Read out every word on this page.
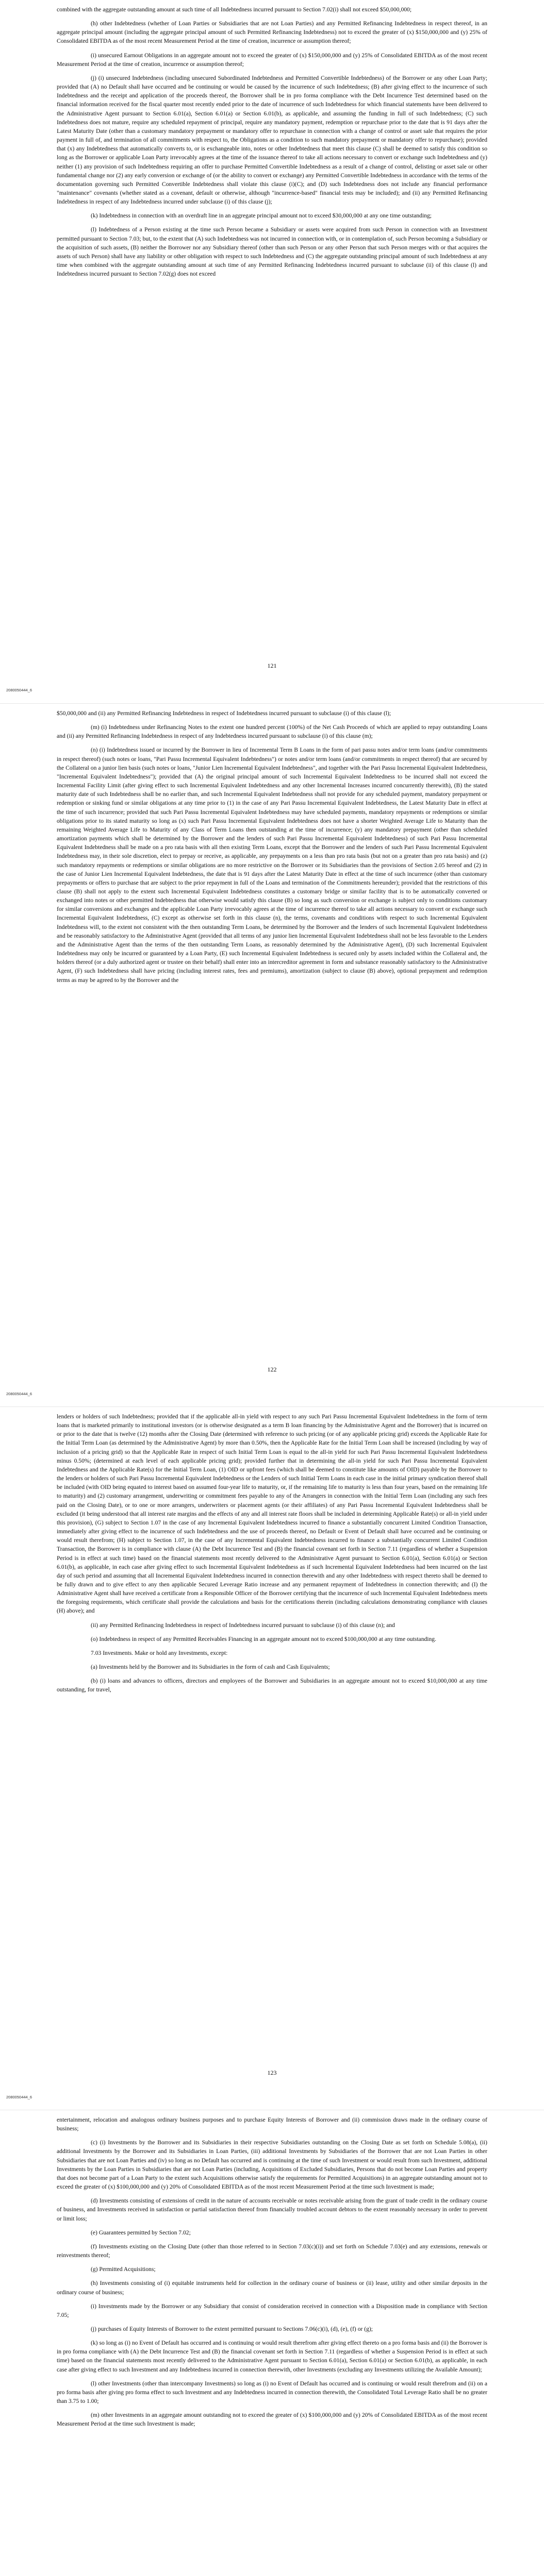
combined with the aggregate outstanding amount at such time of all Indebtedness incurred pursuant to Section 7.02(i) shall not exceed $50,000,000;

(h) other Indebtedness (whether of Loan Parties or Subsidiaries that are not Loan Parties) and any Permitted Refinancing Indebtedness in respect thereof, in an aggregate principal amount (including the aggregate principal amount of such Permitted Refinancing Indebtedness) not to exceed the greater of (x) $150,000,000 and (y) 25% of Consolidated EBITDA as of the most recent Measurement Period at the time of creation, incurrence or assumption thereof;

(i) unsecured Earnout Obligations in an aggregate amount not to exceed the greater of (x) $150,000,000 and (y) 25% of Consolidated EBITDA as of the most recent Measurement Period at the time of creation, incurrence or assumption thereof;

(j) (i) unsecured Indebtedness (including unsecured Subordinated Indebtedness and Permitted Convertible Indebtedness) of the Borrower or any other Loan Party; provided that (A) no Default shall have occurred and be continuing or would be caused by the incurrence of such Indebtedness; (B) after giving effect to the incurrence of such Indebtedness and the receipt and application of the proceeds thereof, the Borrower shall be in pro forma compliance with the Debt Incurrence Test determined based on the financial information received for the fiscal quarter most recently ended prior to the date of incurrence of such Indebtedness for which financial statements have been delivered to the Administrative Agent pursuant to Section 6.01(a), Section 6.01(a) or Section 6.01(b), as applicable, and assuming the funding in full of such Indebtedness; (C) such Indebtedness does not mature, require any scheduled repayment of principal, require any mandatory payment, redemption or repurchase prior to the date that is 91 days after the Latest Maturity Date (other than a customary mandatory prepayment or mandatory offer to repurchase in connection with a change of control or asset sale that requires the prior payment in full of, and termination of all commitments with respect to, the Obligations as a condition to such mandatory prepayment or mandatory offer to repurchase); provided that (x) any Indebtedness that automatically converts to, or is exchangeable into, notes or other Indebtedness that meet this clause (C) shall be deemed to satisfy this condition so long as the Borrower or applicable Loan Party irrevocably agrees at the time of the issuance thereof to take all actions necessary to convert or exchange such Indebtedness and (y) neither (1) any provision of such Indebtedness requiring an offer to purchase Permitted Convertible Indebtedness as a result of a change of control, delisting or asset sale or other fundamental change nor (2) any early conversion or exchange of (or the ability to convert or exchange) any Permitted Convertible Indebtedness in accordance with the terms of the documentation governing such Permitted Convertible Indebtedness shall violate this clause (i)(C); and (D) such Indebtedness does not include any financial performance "maintenance" covenants (whether stated as a covenant, default or otherwise, although "incurrence-based" financial tests may be included); and (ii) any Permitted Refinancing Indebtedness in respect of any Indebtedness incurred under subclause (i) of this clause (j);

(k) Indebtedness in connection with an overdraft line in an aggregate principal amount not to exceed $30,000,000 at any one time outstanding;

(l) Indebtedness of a Person existing at the time such Person became a Subsidiary or assets were acquired from such Person in connection with an Investment permitted pursuant to Section 7.03; but, to the extent that (A) such Indebtedness was not incurred in connection with, or in contemplation of, such Person becoming a Subsidiary or the acquisition of such assets, (B) neither the Borrower nor any Subsidiary thereof (other than such Person or any other Person that such Person merges with or that acquires the assets of such Person) shall have any liability or other obligation with respect to such Indebtedness and (C) the aggregate outstanding principal amount of such Indebtedness at any time when combined with the aggregate outstanding amount at such time of any Permitted Refinancing Indebtedness incurred pursuant to subclause (ii) of this clause (l) and Indebtedness incurred pursuant to Section 7.02(g) does not exceed

121
2080050444_6

$50,000,000 and (ii) any Permitted Refinancing Indebtedness in respect of Indebtedness incurred pursuant to subclause (i) of this clause (l);

(m) (i) Indebtedness under Refinancing Notes to the extent one hundred percent (100%) of the Net Cash Proceeds of which are applied to repay outstanding Loans and (ii) any Permitted Refinancing Indebtedness in respect of any Indebtedness incurred pursuant to subclause (i) of this clause (m);

(n) (i) Indebtedness issued or incurred by the Borrower in lieu of Incremental Term B Loans in the form of pari passu notes and/or term loans (and/or commitments in respect thereof) (such notes or loans, "Pari Passu Incremental Equivalent Indebtedness") or notes and/or term loans (and/or commitments in respect thereof) that are secured by the Collateral on a junior lien basis (such notes or loans, "Junior Lien Incremental Equivalent Indebtedness", and together with the Pari Passu Incremental Equivalent Indebtedness, "Incremental Equivalent Indebtedness"); provided that (A) the original principal amount of such Incremental Equivalent Indebtedness to be incurred shall not exceed the Incremental Facility Limit (after giving effect to such Incremental Equivalent Indebtedness and any other Incremental Increases incurred concurrently therewith), (B) the stated maturity date of such Indebtedness shall be no earlier than, and such Incremental Equivalent Indebtedness shall not provide for any scheduled payment, mandatory prepayment or redemption or sinking fund or similar obligations at any time prior to (1) in the case of any Pari Passu Incremental Equivalent Indebtedness, the Latest Maturity Date in effect at the time of such incurrence; provided that such Pari Passu Incremental Equivalent Indebtedness may have scheduled payments, mandatory repayments or redemptions or similar obligations prior to its stated maturity so long as (x) such Pari Passu Incremental Equivalent Indebtedness does not have a shorter Weighted Average Life to Maturity than the remaining Weighted Average Life to Maturity of any Class of Term Loans then outstanding at the time of incurrence; (y) any mandatory prepayment (other than scheduled amortization payments which shall be determined by the Borrower and the lenders of such Pari Passu Incremental Equivalent Indebtedness) of such Pari Passu Incremental Equivalent Indebtedness shall be made on a pro rata basis with all then existing Term Loans, except that the Borrower and the lenders of such Pari Passu Incremental Equivalent Indebtedness may, in their sole discretion, elect to prepay or receive, as applicable, any prepayments on a less than pro rata basis (but not on a greater than pro rata basis) and (z) such mandatory repayments or redemptions or similar obligations are no more restrictive on the Borrower or its Subsidiaries than the provisions of Section 2.05 hereof and (2) in the case of Junior Lien Incremental Equivalent Indebtedness, the date that is 91 days after the Latest Maturity Date in effect at the time of such incurrence (other than customary prepayments or offers to purchase that are subject to the prior repayment in full of the Loans and termination of the Commitments hereunder); provided that the restrictions of this clause (B) shall not apply to the extent such Incremental Equivalent Indebtedness constitutes a customary bridge or similar facility that is to be automatically converted or exchanged into notes or other permitted Indebtedness that otherwise would satisfy this clause (B) so long as such conversion or exchange is subject only to conditions customary for similar conversions and exchanges and the applicable Loan Party irrevocably agrees at the time of incurrence thereof to take all actions necessary to convert or exchange such Incremental Equivalent Indebtedness, (C) except as otherwise set forth in this clause (n), the terms, covenants and conditions with respect to such Incremental Equivalent Indebtedness will, to the extent not consistent with the then outstanding Term Loans, be determined by the Borrower and the lenders of such Incremental Equivalent Indebtedness and be reasonably satisfactory to the Administrative Agent (provided that all terms of any junior lien Incremental Equivalent Indebtedness shall not be less favorable to the Lenders and the Administrative Agent than the terms of the then outstanding Term Loans, as reasonably determined by the Administrative Agent), (D) such Incremental Equivalent Indebtedness may only be incurred or guaranteed by a Loan Party, (E) such Incremental Equivalent Indebtedness is secured only by assets included within the Collateral and, the holders thereof (or a duly authorized agent or trustee on their behalf) shall enter into an intercreditor agreement in form and substance reasonably satisfactory to the Administrative Agent, (F) such Indebtedness shall have pricing (including interest rates, fees and premiums), amortization (subject to clause (B) above), optional prepayment and redemption terms as may be agreed to by the Borrower and the

122
2080050444_6

lenders or holders of such Indebtedness; provided that if the applicable all-in yield with respect to any such Pari Passu Incremental Equivalent Indebtedness in the form of term loans that is marketed primarily to institutional investors (or is otherwise designated as a term B loan financing by the Administrative Agent and the Borrower) that is incurred on or prior to the date that is twelve (12) months after the Closing Date (determined with reference to such pricing (or of any applicable pricing grid) exceeds the Applicable Rate for the Initial Term Loan (as determined by the Administrative Agent) by more than 0.50%, then the Applicable Rate for the Initial Term Loan shall be increased (including by way of inclusion of a pricing grid) so that the Applicable Rate in respect of such Initial Term Loan is equal to the all-in yield for such Pari Passu Incremental Equivalent Indebtedness minus 0.50%; (determined at each level of each applicable pricing grid); provided further that in determining the all-in yield for such Pari Passu Incremental Equivalent Indebtedness and the Applicable Rate(s) for the Initial Term Loan, (1) OID or upfront fees (which shall be deemed to constitute like amounts of OID) payable by the Borrower to the lenders or holders of such Pari Passu Incremental Equivalent Indebtedness or the Lenders of such Initial Term Loans in each case in the initial primary syndication thereof shall be included (with OID being equated to interest based on assumed four-year life to maturity, or, if the remaining life to maturity is less than four years, based on the remaining life to maturity) and (2) customary arrangement, underwriting or commitment fees payable to any of the Arrangers in connection with the Initial Term Loan (including any such fees paid on the Closing Date), or to one or more arrangers, underwriters or placement agents (or their affiliates) of any Pari Passu Incremental Equivalent Indebtedness shall be excluded (it being understood that all interest rate margins and the effects of any and all interest rate floors shall be included in determining Applicable Rate(s) or all-in yield under this provision), (G) subject to Section 1.07 in the case of any Incremental Equivalent Indebtedness incurred to finance a substantially concurrent Limited Condition Transaction, immediately after giving effect to the incurrence of such Indebtedness and the use of proceeds thereof, no Default or Event of Default shall have occurred and be continuing or would result therefrom; (H) subject to Section 1.07, in the case of any Incremental Equivalent Indebtedness incurred to finance a substantially concurrent Limited Condition Transaction, the Borrower is in compliance with clause (A) the Debt Incurrence Test and (B) the financial covenant set forth in Section 7.11 (regardless of whether a Suspension Period is in effect at such time) based on the financial statements most recently delivered to the Administrative Agent pursuant to Section 6.01(a), Section 6.01(a) or Section 6.01(b), as applicable, in each case after giving effect to such Incremental Equivalent Indebtedness as if such Incremental Equivalent Indebtedness had been incurred on the last day of such period and assuming that all Incremental Equivalent Indebtedness incurred in connection therewith and any other Indebtedness with respect thereto shall be deemed to be fully drawn and to give effect to any then applicable Secured Leverage Ratio increase and any permanent repayment of Indebtedness in connection therewith; and (I) the Administrative Agent shall have received a certificate from a Responsible Officer of the Borrower certifying that the incurrence of such Incremental Equivalent Indebtedness meets the foregoing requirements, which certificate shall provide the calculations and basis for the certifications therein (including calculations demonstrating compliance with clauses (H) above); and

(ii) any Permitted Refinancing Indebtedness in respect of Indebtedness incurred pursuant to subclause (i) of this clause (n); and

(o) Indebtedness in respect of any Permitted Receivables Financing in an aggregate amount not to exceed $100,000,000 at any time outstanding.

7.03 Investments. Make or hold any Investments, except:

(a) Investments held by the Borrower and its Subsidiaries in the form of cash and Cash Equivalents;

(b) (i) loans and advances to officers, directors and employees of the Borrower and Subsidiaries in an aggregate amount not to exceed $10,000,000 at any time outstanding, for travel,

123
2080050444_6

entertainment, relocation and analogous ordinary business purposes and to purchase Equity Interests of Borrower and (ii) commission draws made in the ordinary course of business;

(c) (i) Investments by the Borrower and its Subsidiaries in their respective Subsidiaries outstanding on the Closing Date as set forth on Schedule 5.08(a), (ii) additional Investments by the Borrower and its Subsidiaries in Loan Parties, (iii) additional Investments by Subsidiaries of the Borrower that are not Loan Parties in other Subsidiaries that are not Loan Parties and (iv) so long as no Default has occurred and is continuing at the time of such Investment or would result from such Investment, additional Investments by the Loan Parties in Subsidiaries that are not Loan Parties (including, Acquisitions of Excluded Subsidiaries, Persons that do not become Loan Parties and property that does not become part of a Loan Party to the extent such Acquisitions otherwise satisfy the requirements for Permitted Acquisitions) in an aggregate outstanding amount not to exceed the greater of (x) $100,000,000 and (y) 20% of Consolidated EBITDA as of the most recent Measurement Period at the time such Investment is made;

(d) Investments consisting of extensions of credit in the nature of accounts receivable or notes receivable arising from the grant of trade credit in the ordinary course of business, and Investments received in satisfaction or partial satisfaction thereof from financially troubled account debtors to the extent reasonably necessary in order to prevent or limit loss;

(e) Guarantees permitted by Section 7.02;

(f) Investments existing on the Closing Date (other than those referred to in Section 7.03(c)(i)) and set forth on Schedule 7.03(e) and any extensions, renewals or reinvestments thereof;

(g) Permitted Acquisitions;

(h) Investments consisting of (i) equitable instruments held for collection in the ordinary course of business or (ii) lease, utility and other similar deposits in the ordinary course of business;

(i) Investments made by the Borrower or any Subsidiary that consist of consideration received in connection with a Disposition made in compliance with Section 7.05;

(j) purchases of Equity Interests of Borrower to the extent permitted pursuant to Sections 7.06(c)(i), (d), (e), (f) or (g);

(k) so long as (i) no Event of Default has occurred and is continuing or would result therefrom after giving effect thereto on a pro forma basis and (ii) the Borrower is in pro forma compliance with (A) the Debt Incurrence Test and (B) the financial covenant set forth in Section 7.11 (regardless of whether a Suspension Period is in effect at such time) based on the financial statements most recently delivered to the Administrative Agent pursuant to Section 6.01(a), Section 6.01(a) or Section 6.01(b), as applicable, in each case after giving effect to such Investment and any Indebtedness incurred in connection therewith, other Investments (excluding any Investments utilizing the Available Amount);

(l) other Investments (other than intercompany Investments) so long as (i) no Event of Default has occurred and is continuing or would result therefrom and (ii) on a pro forma basis after giving pro forma effect to such Investment and any Indebtedness incurred in connection therewith, the Consolidated Total Leverage Ratio shall be no greater than 3.75 to 1.00;

(m) other Investments in an aggregate amount outstanding not to exceed the greater of (x) $100,000,000 and (y) 20% of Consolidated EBITDA as of the most recent Measurement Period at the time such Investment is made;
